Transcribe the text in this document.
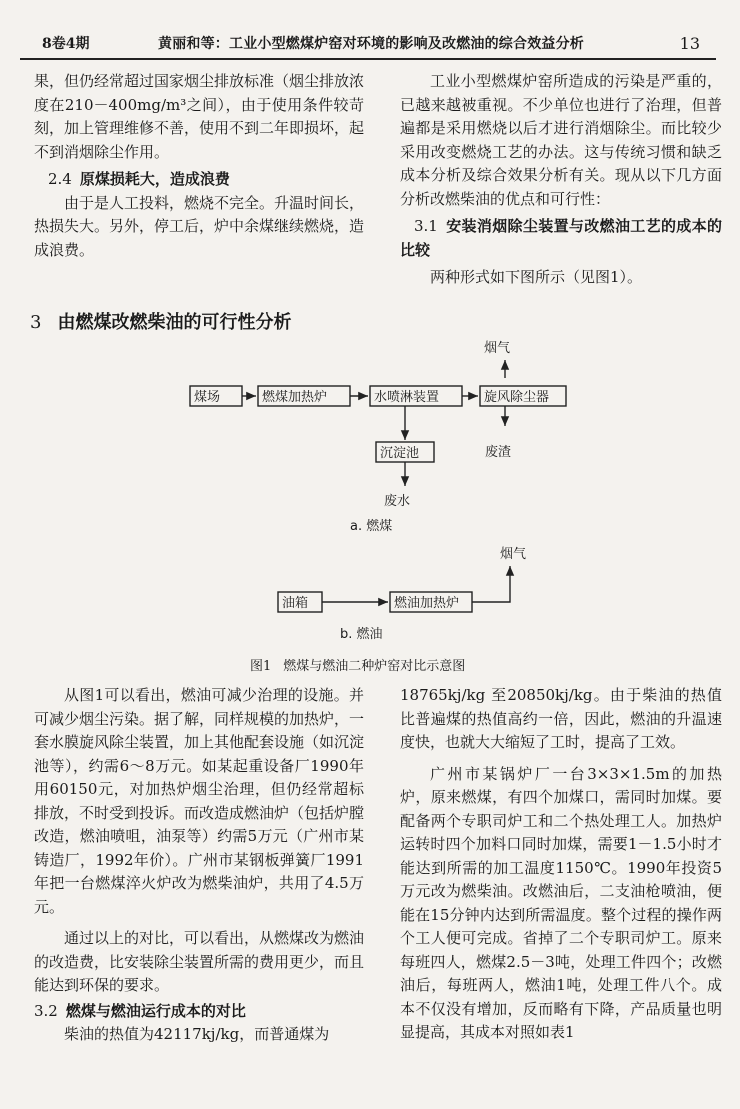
8卷4期	黄丽和等：工业小型燃煤炉窑对环境的影响及改燃油的综合效益分析	13

果，但仍经常超过国家烟尘排放标准（烟尘排放浓度在210－400mg/m³之间），由于使用条件较苛刻，加上管理维修不善，使用不到二年即损坏，起不到消烟除尘作用。

2.4 原煤损耗大，造成浪费

由于是人工投料，燃烧不完全。升温时间长，热损失大。另外，停工后，炉中余煤继续燃烧，造成浪费。

工业小型燃煤炉窑所造成的污染是严重的，已越来越被重视。不少单位也进行了治理，但普遍都是采用燃烧以后才进行消烟除尘。而比较少采用改变燃烧工艺的办法。这与传统习惯和缺乏成本分析及综合效果分析有关。现从以下几方面分析改燃柴油的优点和可行性：

3.1 安装消烟除尘装置与改燃油工艺的成本的比较

两种形式如下图所示（见图1）。

3 由燃煤改燃柴油的可行性分析
煤场	燃煤加热炉	水喷淋装置	旋风除尘器
沉淀池
烟气
废渣
废水
a. 燃煤
油箱	燃油加热炉
烟气
b. 燃油
图1 燃煤与燃油二种炉窑对比示意图

从图1可以看出，燃油可减少治理的设施。并可减少烟尘污染。据了解，同样规模的加热炉，一套水膜旋风除尘装置，加上其他配套设施（如沉淀池等），约需6～8万元。如某起重设备厂1990年用60150元，对加热炉烟尘治理，但仍经常超标排放，不时受到投诉。而改造成燃油炉（包括炉膛改造，燃油喷咀，油泵等）约需5万元（广州市某铸造厂，1992年价）。广州市某钢板弹簧厂1991年把一台燃煤淬火炉改为燃柴油炉，共用了4.5万元。

通过以上的对比，可以看出，从燃煤改为燃油的改造费，比安装除尘装置所需的费用更少，而且能达到环保的要求。

3.2 燃煤与燃油运行成本的对比

柴油的热值为42117kj/kg，而普通煤为

18765kj/kg 至20850kj/kg。由于柴油的热值比普遍煤的热值高约一倍，因此，燃油的升温速度快，也就大大缩短了工时，提高了工效。

广州市某锅炉厂一台3×3×1.5m的加热炉，原来燃煤，有四个加煤口，需同时加煤。要配备两个专职司炉工和二个热处理工人。加热炉运转时四个加料口同时加煤，需要1－1.5小时才能达到所需的加工温度1150℃。1990年投资5万元改为燃柴油。改燃油后，二支油枪喷油，便能在15分钟内达到所需温度。整个过程的操作两个工人便可完成。省掉了二个专职司炉工。原来每班四人，燃煤2.5－3吨，处理工件四个；改燃油后，每班两人，燃油1吨，处理工件八个。成本不仅没有增加，反而略有下降，产品质量也明显提高，其成本对照如表1
